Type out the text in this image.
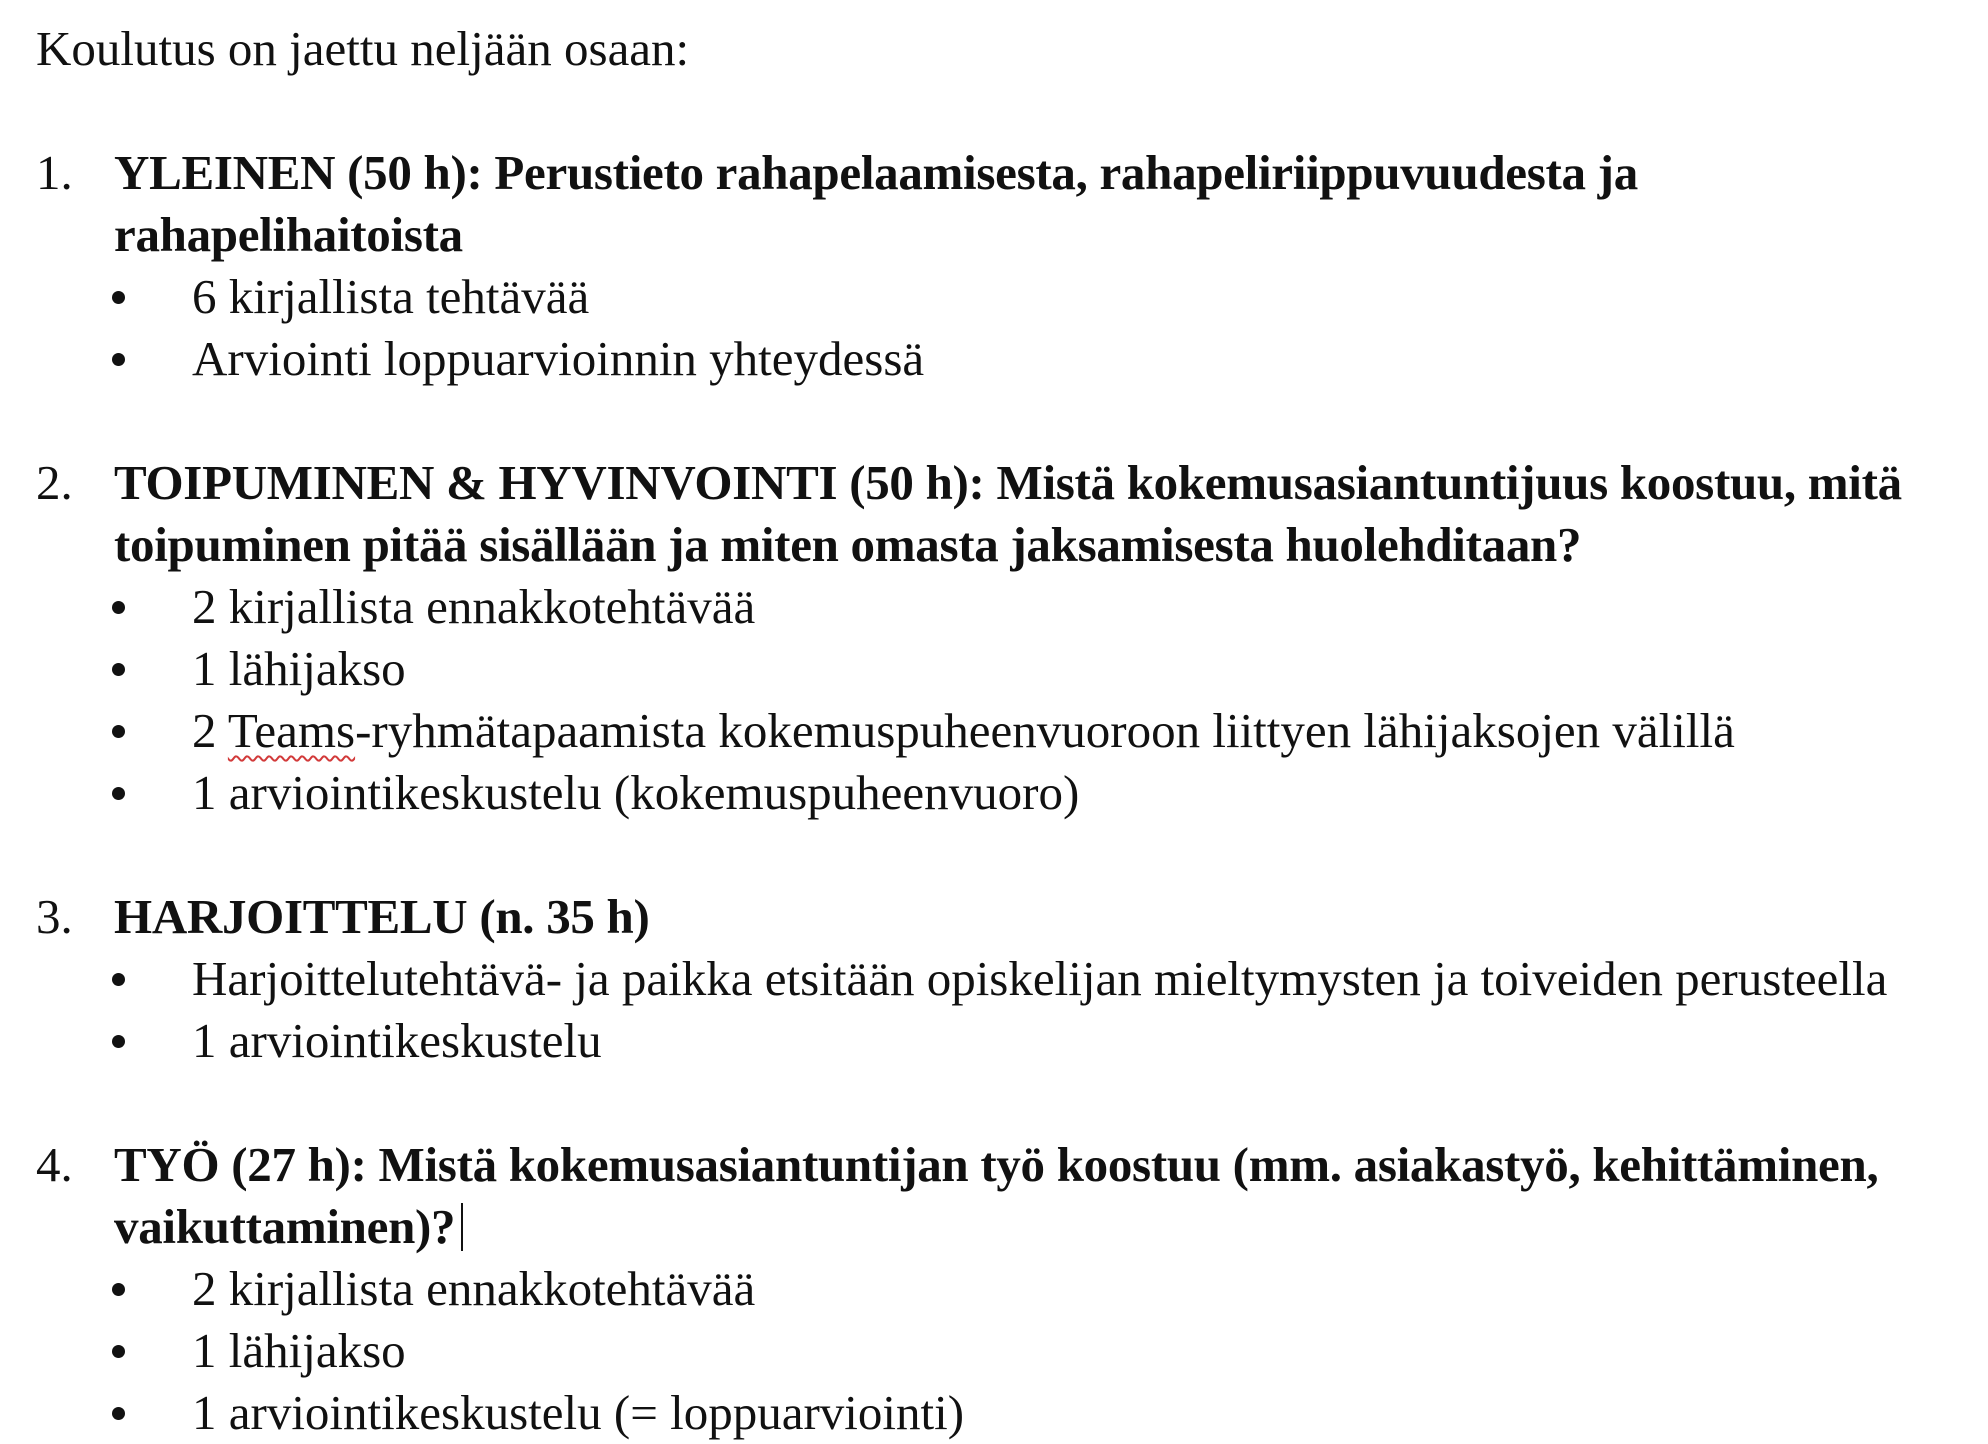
Koulutus on jaettu neljään osaan:

1. YLEINEN (50 h): Perustieto rahapelaamisesta, rahapeliriippuvuudesta ja rahapelihaitoista
6 kirjallista tehtävää
Arviointi loppuarvioinnin yhteydessä
2. TOIPUMINEN & HYVINVOINTI (50 h): Mistä kokemusasiantuntijuus koostuu, mitä toipuminen pitää sisällään ja miten omasta jaksamisesta huolehditaan?
2 kirjallista ennakkotehtävää
1 lähijakso
2 Teams-ryhmätapaamista kokemuspuheenvuoroon liittyen lähijaksojen välillä
1 arviointikeskustelu (kokemuspuheenvuoro)
3. HARJOITTELU (n. 35 h)
Harjoittelutehtävä- ja paikka etsitään opiskelijan mieltymysten ja toiveiden perusteella
1 arviointikeskustelu
4. TYÖ (27 h): Mistä kokemusasiantuntijan työ koostuu (mm. asiakastyö, kehittäminen, vaikuttaminen)?
2 kirjallista ennakkotehtävää
1 lähijakso
1 arviointikeskustelu (= loppuarviointi)
